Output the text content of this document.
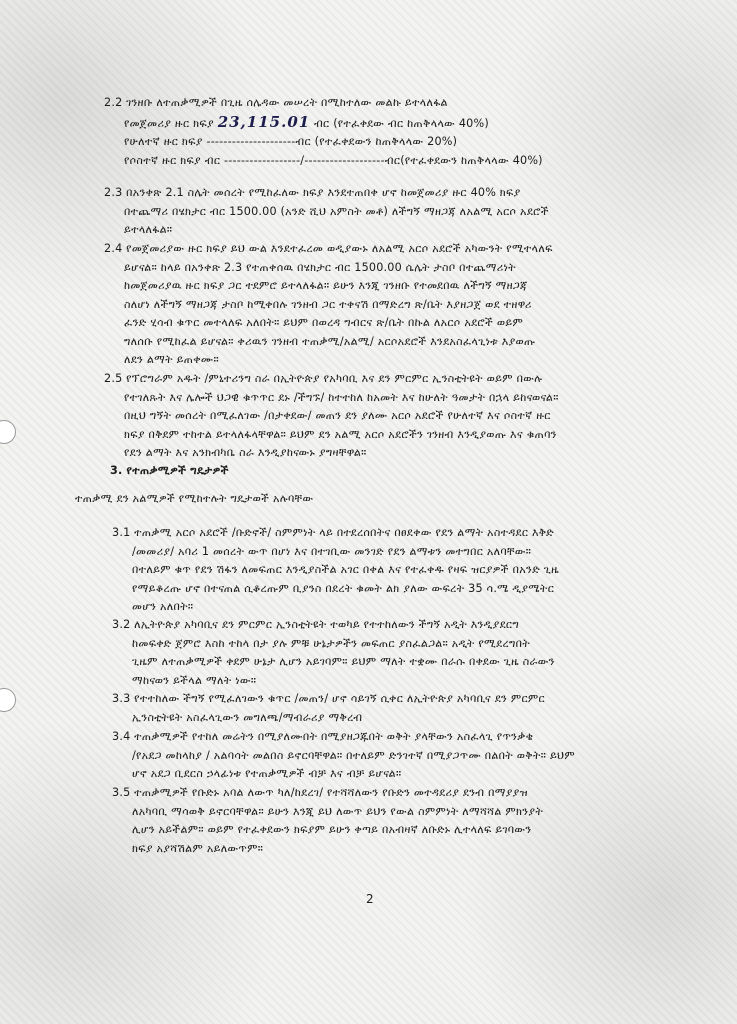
2.2 ገንዘቡ ለተጠቃሚዎች በጊዜ ሰሌዳው መሠረት በሚከተለው መልኩ ይተላለፋል
የመጀመሪያ ዙር ክፍያ 23,115.01 ብር (የተፈቀደው ብር ከጠቅላላው 40%)
የሁለተኛ ዙር ክፍያ ---------------------ብር (የተፈቀደውን ከጠቅላላው 20%)
የሶስተኛ ዙር ክፍያ ብር ------------------/-------------------ብር(የተፈቀደውን ከጠቅላላው 40%)
2.3 በአንቀጽ 2.1 ስሌት መሰረት የሚከፈለው ክፍያ እንደተጠበቀ ሆኖ ከመጀመሪያ ዙር 40% ክፍያ
በተጨማሪ በሄክታር ብር 1500.00 (አንድ ሺህ አምስት መቶ) ለችግኝ ማዘጋጃ ለአልሚ አርሶ አደሮች
ይተላለፋል።
2.4 የመጀመሪያው ዙር ክፍያ ይህ ውል እንደተፈረመ ወዲያውኑ ለአልሚ አርሶ አደሮች አካውንት የሚተላለፍ
ይሆናል። ከላይ በአንቀጽ 2.3 የተጠቀሰዉ በሄክታር ብር 1500.00 ሴሌት ታስቦ በተጨማሪነት
ከመጀመሪያዉ ዙር ክፍያ ጋር ተደምሮ ይተላለፋል። ይሁን እንጂ ገንዘቡ የተመደበዉ ለችግኝ ማዘጋጃ
ስለሆነ ለችግኝ ማዘጋጃ ታስቦ ከሚቀበሉ ገንዘብ ጋር ተቀናሽ በማድረግ ጽ/ቤት እያዘጋጀ ወደ ተዘዋሪ
ፈንድ ሂሳብ ቁጥር መተላለፍ አለበት። ይህም በወረዳ ግብርና ጽ/ቤት በኩል ለአርሶ አደሮች ወይም
ግለሰቡ የሚከፈል ይሆናል። ቀሪዉን ገንዘብ ተጠቃሚ/አልሚ/ አርሶአደሮች እንደአስፈላጊነቱ እያወጡ
ለደን ልማት ይጠቀሙ።
2.5 የፕሮግራም አዱት /ምኒተሪንግ ስራ በኢትዮጵያ የአካባቢ እና ደን ምርምር ኢንስቲትዩት ወይም በውሉ
የተገለጹት እና ሌሎች ህጋዊ ቁጥጥር ደኑ /ችግኙ/ ከተተከለ ከአመት እና ከሁለት ዓመታት በኋላ ይከናወናል።
በዚህ ግኝት መሰረት በሚፈለገው /በታቀደው/ መጠን ደን ያለሙ አርሶ አደሮች የሁለተኛ እና ሶስተኛ ዙር
ክፍያ በቅደም ተከተል ይተላለፋላቸዋል። ይህም ደን አልሚ አርሶ አደሮችን ገንዘብ እንዲያወጡ እና ቁጠባን
የደን ልማት እና አንክብካቤ ስራ እንዲያከናውኑ ያግዛቸዋል።
3. የተጠቃሚዎች ግዴታዎች
ተጠቃሚ ደን አልሚዎች የሚከተሉት ግዴታወች አሉባቸው
3.1 ተጠቃሚ አርሶ አደሮች /ቡድኖች/ ስምምነት ላይ በተደረሰበትና በፀደቀው የደን ልማት አስተዳደር እቅድ
/መመሪያ/ አባሪ 1 መሰረት ውጥ በሆነ እና በተገቢው መንገድ የደን ልማቱን መተግበር አለባቸው።
በተለይም ቁጥ የደን ሽፋን ለመፍጠር እንዲያስችል አገር በቀል እና የተፈቀዱ የዛፍ ዝርያዎች በአንድ ጊዜ
የማይቆረጡ ሆኖ በተናጠል ሲቆረጡም ቢያንስ በደረት ቁመት ልክ ያለው ውፍረት 35 ሳ.ሜ ዲያሜትር
መሆን አለበት።
3.2 ለኢትዮጵያ አካባቢና ደን ምርምር ኢንስቲትዩት ተወካይ የተተከለውን ችግኝ አዲት እንዲያደርግ
ከመፍቀድ ጀምሮ እስከ ተከላ በታ ያሉ ምቹ ሁኔታዎችን መፍጠር ያስፈልጋል። አዲት የሚደረግበት
ጊዜም ለተጠቃሚዎች ቀደም ሁኔታ ሊሆን አይገባም። ይህም ማለት ተቋሙ በራሱ በቀደው ጊዜ ስራውን
ማከናወን ይችላል ማለት ነው።
3.3 የተተከለው ችግኝ የሚፈለገውን ቁጥር /መጠን/ ሆኖ ሳይገኝ ሲቀር ለኢትዮጵያ አካባቢና ደን ምርምር
ኢንስቲትዩት አስፈላጊውን መግለጫ/ማብራሪያ ማቅረብ
3.4 ተጠቃሚዎች የተከለ መሬትን በሚያለሙበት በሚያዘጋጁበት ወቅት ያላቸውን አስፈላጊ የጥንቃቄ
/የአደጋ መከላከያ / አልባሳት መልበስ ይኖርባቸዋል። በተለይም ድንገተኛ በሚያጋጥሙ በልበት ወቅት። ይህም
ሆኖ አደጋ ቢደርስ ኃላፊነቱ የተጠቃሚዎች ብቻ እና ብቻ ይሆናል።
3.5 ተጠቃሚዎች የቡድኑ አባል ለውጥ ካለ/ከደረገ/ የተሻሻለውን የቡድን መተዳደሪያ ደንብ በማያያዝ
ለአካባቢ ማሳወቅ ይኖርባቸዋል። ይሁን እንጂ ይህ ለውጥ ይህን የውል ስምምነት ለማሻሻል ምክንያት
ሊሆን አይችልም። ወይም የተፈቀደውን ክፍያም ይሁን ቀጣይ በአብዛኛ ለቡድኑ ሊተላለፍ ይገባውን
ክፍያ አያሻሽልም አይለውጥም።
2
